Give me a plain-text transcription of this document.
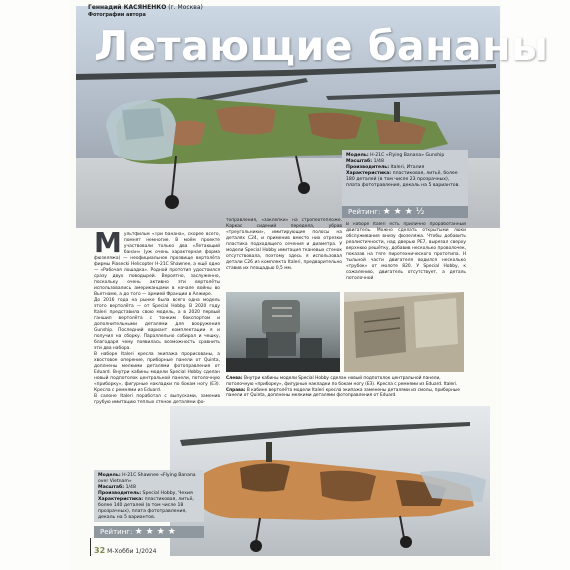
Геннадий КАСЯНЕНКО (г. Москва)
Фотографии автора
Летающие бананы
Модель: H-21C «Flying Banana» Gunship
Масштаб: 1/48
Производитель: Italeri, Италия
Характеристика: пластиковая, литьё, более 180 деталей (в том числе 23 прозрачных), плата фототравления, декаль на 5 вариантов.
Рейтинг: ★★★½
М ультфильм «Три банана», скорее всего, помнят немногие. В моём проекте участвовали только два «Летающий банан» (уж очень характерная форма фюзеляжа) — неофициальное прозвище вертолёта фирмы Piasecki Helicopter H-21C Shawnee, а ещё одно — «Рабочая лошадка». Родной прототип удостоился сразу двух поводырей. Вероятно, заслуженно, поскольку очень активно эти вертолёты использовались американцами в начале войны во Вьетнаме, а до того — армией Франции в Алжире.
До 2016 года на рынке была всего одна модель этого вертолёта — от Special Hobby. В 2020 году Italeri представила свою модель, а в 2020 первый ганшип вертолёта с тонким бокспортом и дополнительными деталями для вооружения Gunship. Последний вариант комплектации я и получил на сборку. Параллельно собирал и чешку, благодаря чему появилась возможность сравнить эти два набора.
В наборе Italeri кресла экипажа прорисованы, а хвостовое оперение, приборные панели от Quinta, доплнены мелкими деталями фотоправления от Eduard. Внутри кабины модели Special Hobby сделан новый подпотолок центральной панели, потолочную «приборку», фигурные накладки по бокам ногу (ЕЗ). Кресла с ремнями из Eduard.
В салоне Italeri поработал с выпусками, заменив грубую имитацию теплых стенок деталями фо-
топравления, «заклёпки» на стропеотепложе. Каркас сидений передела, убрав «треугольники», имитирующие полосы на деталях С24, и применив вместо них отрезки пластика подходящего сечения и диаметра. У модели Special Hobby имитация тканевых стенок отсутствовала, поэтому здесь я использовал детали С26 из комплекта Italeri, предварительно ставив их площадью 0,5 мм.
В наборе Italeri есть прилично проработанный двигатель. Можно сделать открытыми люки обслуживания внизу фюзеляжа. Чтобы добавить реалистичности, над дверью PE7, вырезал сверху верхнюю решётку, добавив несколько проволочек, показав на тяге пиротехнического прототипа. Н тыльной части двигателя водился несколько «трубок» от молоте 820. У Special Hobby, к сожалению, двигатель отсутствует, а деталь потолочной
Слева: Внутри кабины модели Special Hobby сделан новый подпотолок центральной панели, потолочную «приборку», фигурные накладки по бокам ногу (ЕЗ). Кресла с ремнями из Eduard. Italeri. Справа: В кабине вертолёта модели Italeri кресла экипажа заменены деталями из смолы, приборные панели от Quinta, доплнены мелкими деталями фотоправления от Eduard.
Модель: H-21C Shawnee «Flying Banana over Vietnam»
Масштаб: 1/48
Производитель: Special Hobby, Чехия
Характеристика: пластиковая, литьё, более 140 деталей (в том числе 18 прозрачных), плата фототравления, декаль на 5 вариантов.
Рейтинг: ★★★★
32 М-Хобби 1/2024
